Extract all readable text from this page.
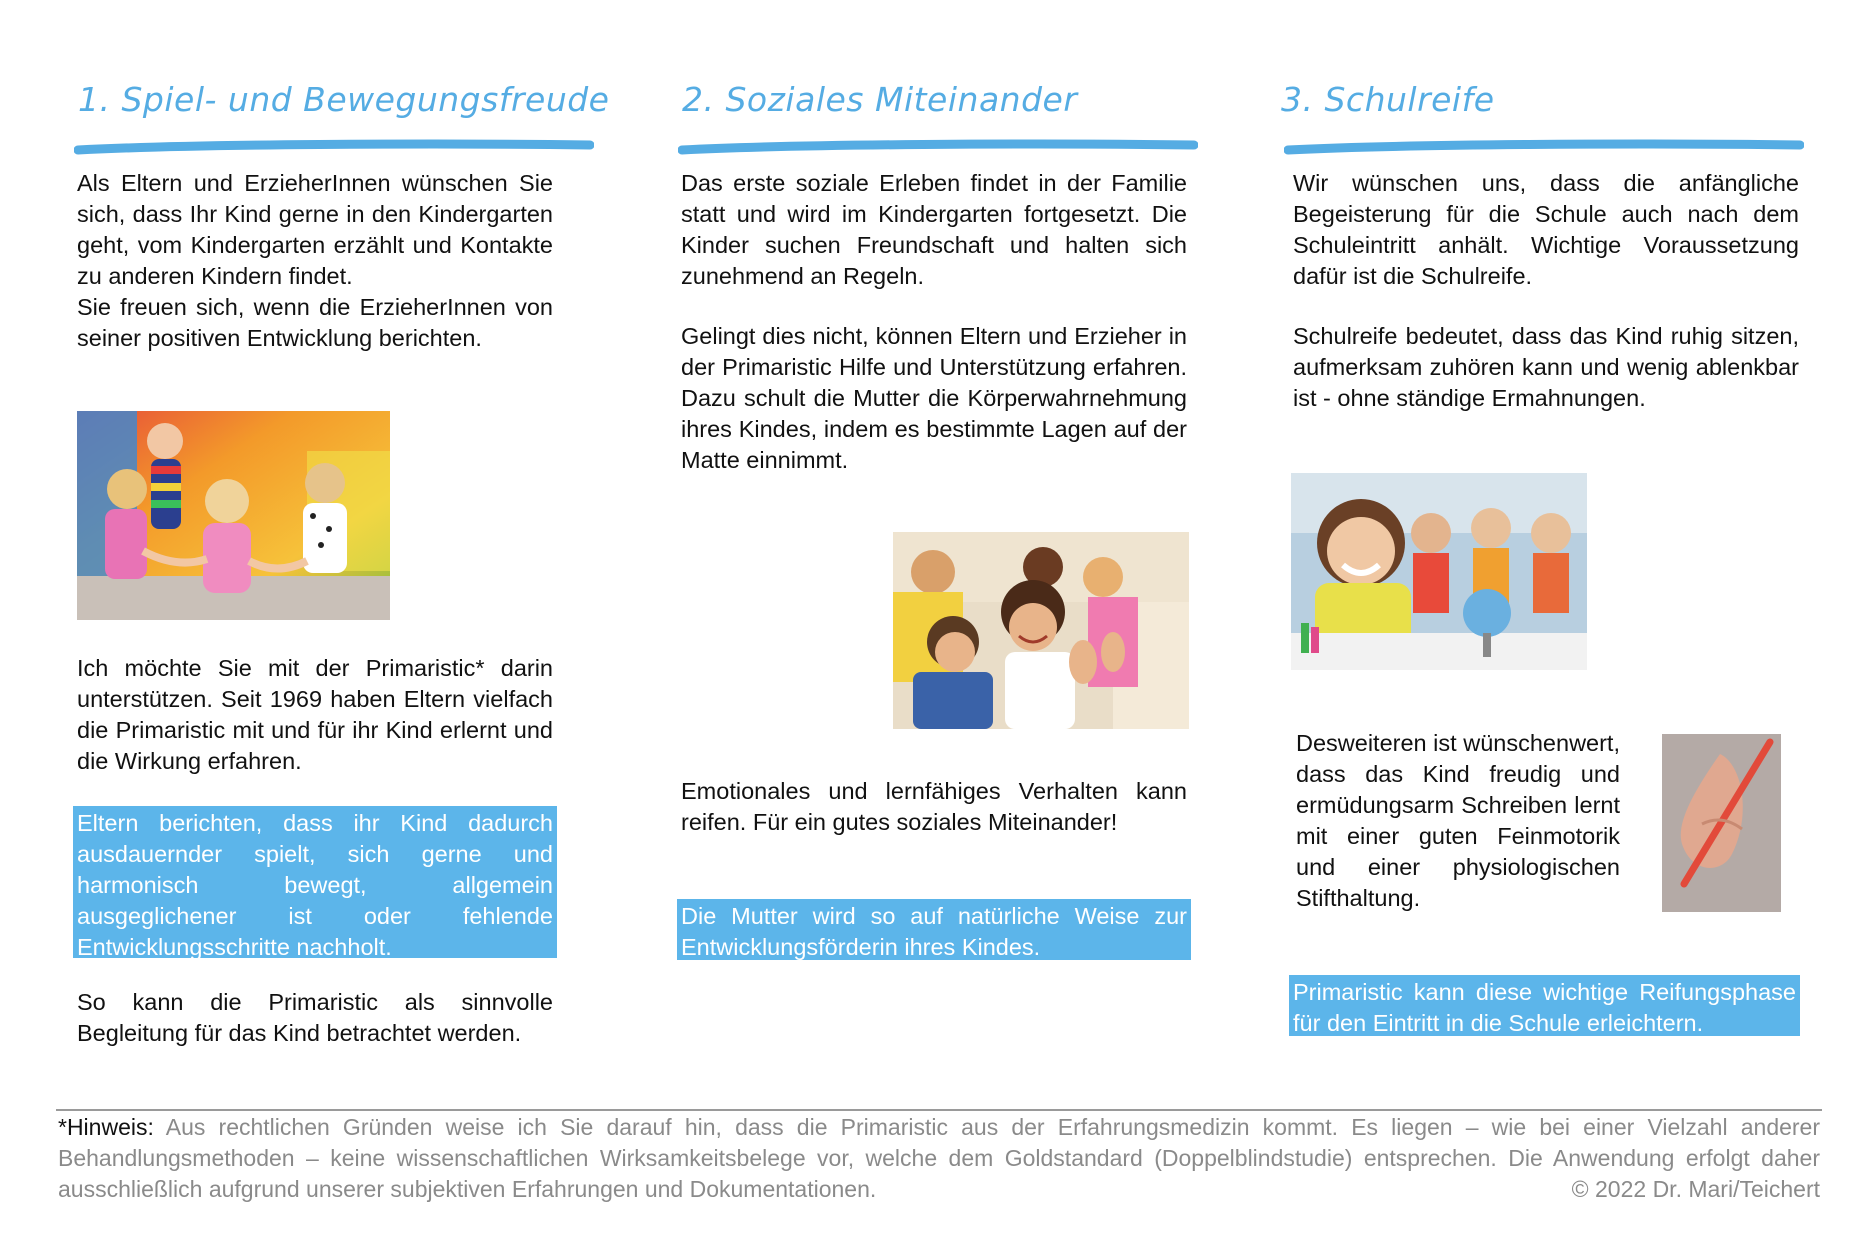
1. Spiel- und Bewegungsfreude

Als Eltern und ErzieherInnen wünschen Sie sich, dass Ihr Kind gerne in den Kindergarten geht, vom Kindergarten erzählt und Kontakte zu anderen Kindern findet.
Sie freuen sich, wenn die ErzieherInnen von seiner positiven Entwicklung berichten.

Ich möchte Sie mit der Primaristic* darin unterstützen. Seit 1969 haben Eltern vielfach die Primaristic mit und für ihr Kind erlernt und die Wirkung erfahren.

Eltern berichten, dass ihr Kind dadurch ausdauernder spielt, sich gerne und harmonisch bewegt, allgemein ausgeglichener ist oder fehlende Entwicklungsschritte nachholt.

So kann die Primaristic als sinnvolle Begleitung für das Kind betrachtet werden.

2. Soziales Miteinander

Das erste soziale Erleben findet in der Familie statt und wird im Kindergarten fortgesetzt. Die Kinder suchen Freundschaft und halten sich zunehmend an Regeln.

Gelingt dies nicht, können Eltern und Erzieher in der Primaristic Hilfe und Unterstützung erfahren. Dazu schult die Mutter die Körperwahrnehmung ihres Kindes, indem es bestimmte Lagen auf der Matte einnimmt.

Emotionales und lernfähiges Verhalten kann reifen. Für ein gutes soziales Miteinander!

Die Mutter wird so auf natürliche Weise zur Entwicklungsförderin ihres Kindes.
3. Schulreife

Wir wünschen uns, dass die anfängliche Begeisterung für die Schule auch nach dem Schuleintritt anhält. Wichtige Voraussetzung dafür ist die Schulreife.

Schulreife bedeutet, dass das Kind ruhig sitzen, aufmerksam zuhören kann und wenig ablenkbar ist - ohne ständige Ermahnungen.

Desweiteren ist wünschenwert, dass das Kind freudig und ermüdungsarm Schreiben lernt mit einer guten Feinmotorik und einer physiologischen Stifthaltung.

Primaristic kann diese wichtige Reifungsphase für den Eintritt in die Schule erleichtern.
*Hinweis: Aus rechtlichen Gründen weise ich Sie darauf hin, dass die Primaristic aus der Erfahrungsmedizin kommt. Es liegen – wie bei einer Vielzahl anderer Behandlungsmethoden – keine wissenschaftlichen Wirksamkeitsbelege vor, welche dem Goldstandard (Doppelblindstudie) entsprechen. Die Anwendung erfolgt daher ausschließlich aufgrund unserer subjektiven Erfahrungen und Dokumentationen.	© 2022 Dr. Mari/Teichert
